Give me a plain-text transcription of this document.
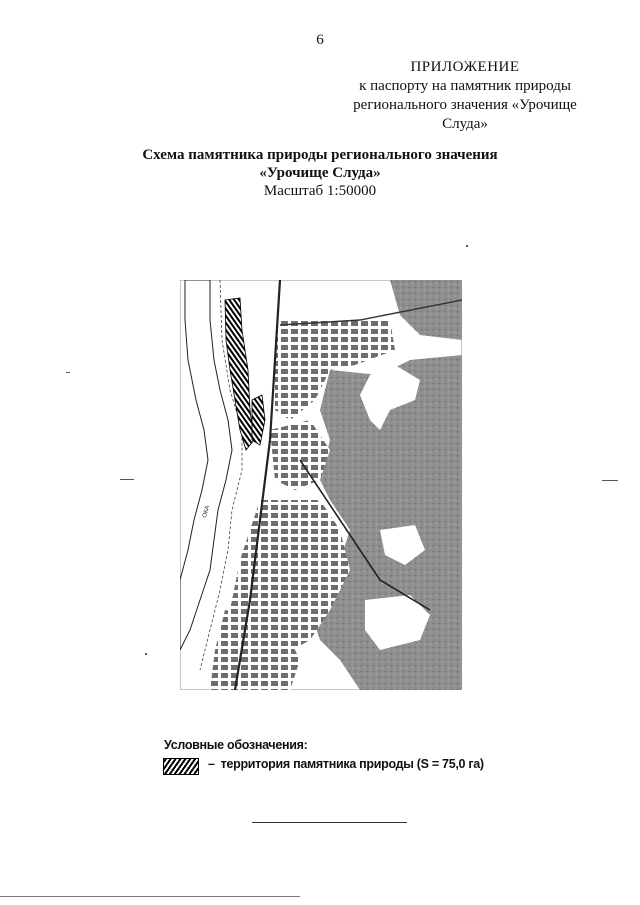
6
ПРИЛОЖЕНИЕ
к паспорту на памятник природы
регионального значения «Урочище
Слуда»
Схема памятника природы регионального значения
«Урочище Слуда»
Масштаб 1:50000
ОКА
Условные обозначения:
– территория памятника природы (S = 75,0 га)
